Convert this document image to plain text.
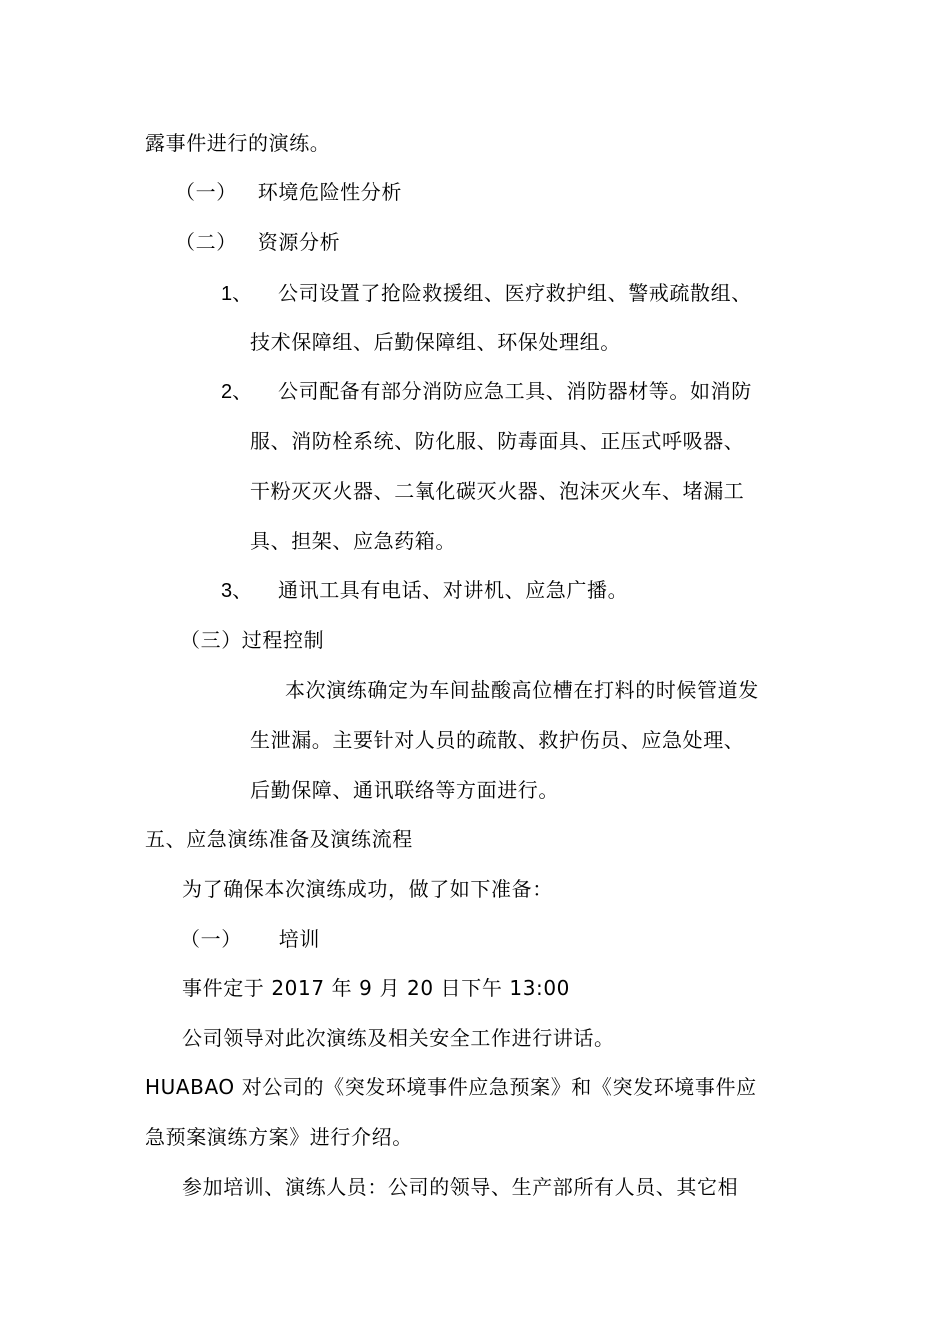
露事件进行的演练。
（一） 环境危险性分析
（二） 资源分析
1、 公司设置了抢险救援组、医疗救护组、警戒疏散组、
技术保障组、后勤保障组、环保处理组。
2、 公司配备有部分消防应急工具、消防器材等。如消防
服、消防栓系统、防化服、防毒面具、正压式呼吸器、
干粉灭灭火器、二氧化碳灭火器、泡沫灭火车、堵漏工
具、担架、应急药箱。
3、 通讯工具有电话、对讲机、应急广播。
（三）过程控制
本次演练确定为车间盐酸高位槽在打料的时候管道发
生泄漏。主要针对人员的疏散、救护伤员、应急处理、
后勤保障、通讯联络等方面进行。
五、应急演练准备及演练流程
为了确保本次演练成功，做了如下准备：
（一） 培训
事件定于 2017 年 9 月 20 日下午 13:00
公司领导对此次演练及相关安全工作进行讲话。
HUABAO 对公司的《突发环境事件应急预案》和《突发环境事件应
急预案演练方案》进行介绍。
参加培训、演练人员：公司的领导、生产部所有人员、其它相
